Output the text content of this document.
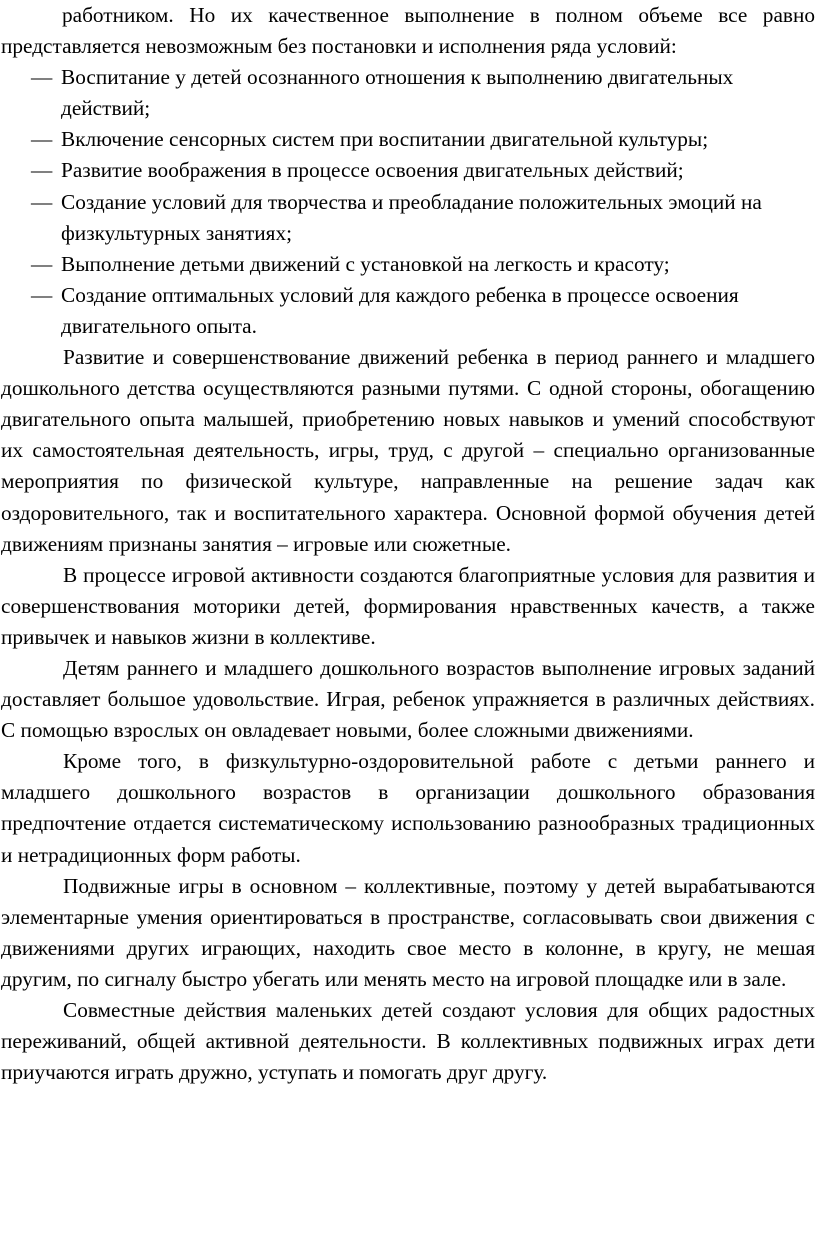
работником. Но их качественное выполнение в полном объеме все равно
представляется невозможным без постановки и исполнения ряда условий:
— Воспитание у детей осознанного отношения к выполнению двигательных действий;
— Включение сенсорных систем при воспитании двигательной культуры;
— Развитие воображения в процессе освоения двигательных действий;
— Создание условий для творчества и преобладание положительных эмоций на физкультурных занятиях;
— Выполнение детьми движений с установкой на легкость и красоту;
— Создание оптимальных условий для каждого ребенка в процессе освоения двигательного опыта.

Развитие и совершенствование движений ребенка в период раннего и младшего дошкольного детства осуществляются разными путями. С одной стороны, обогащению двигательного опыта малышей, приобретению новых навыков и умений способствуют их самостоятельная деятельность, игры, труд, с другой – специально организованные мероприятия по физической культуре, направленные на решение задач как оздоровительного, так и воспитательного характера. Основной формой обучения детей движениям признаны занятия – игровые или сюжетные.

В процессе игровой активности создаются благоприятные условия для развития и совершенствования моторики детей, формирования нравственных качеств, а также привычек и навыков жизни в коллективе.

Детям раннего и младшего дошкольного возрастов выполнение игровых заданий доставляет большое удовольствие. Играя, ребенок упражняется в различных действиях. С помощью взрослых он овладевает новыми, более сложными движениями.

Кроме того, в физкультурно-оздоровительной работе с детьми раннего и младшего дошкольного возрастов в организации дошкольного образования предпочтение отдается систематическому использованию разнообразных традиционных и нетрадиционных форм работы.

Подвижные игры в основном – коллективные, поэтому у детей вырабатываются элементарные умения ориентироваться в пространстве, согласовывать свои движения с движениями других играющих, находить свое место в колонне, в кругу, не мешая другим, по сигналу быстро убегать или менять место на игровой площадке или в зале.

Совместные действия маленьких детей создают условия для общих радостных переживаний, общей активной деятельности. В коллективных подвижных играх дети приучаются играть дружно, уступать и помогать друг другу.
